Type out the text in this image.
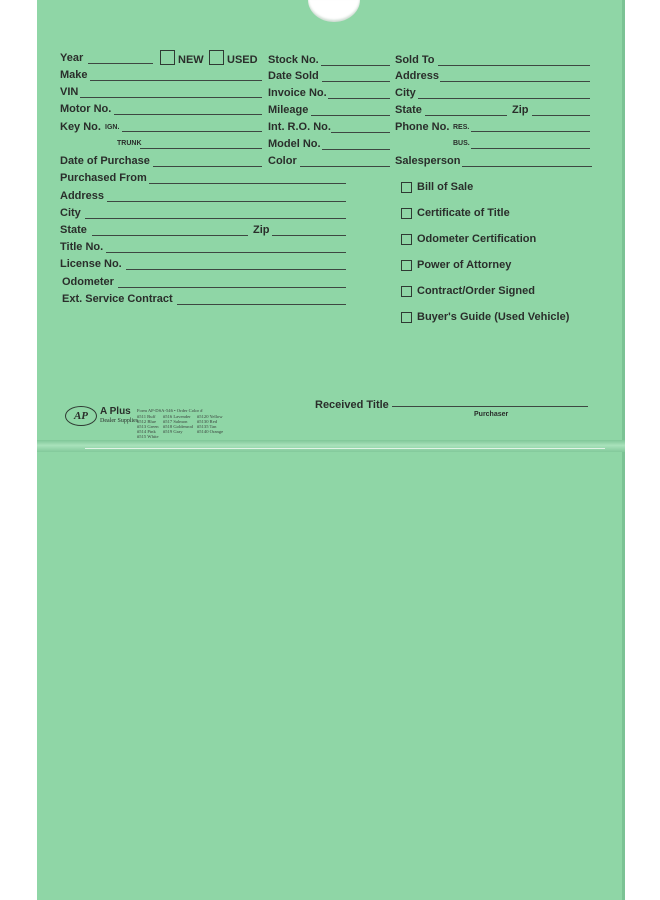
Year	NEW USED
Make
VIN
Motor No.
Key No. IGN.
TRUNK
Date of Purchase
Purchased From
Address
City
State	Zip
Title No.
License No.
Odometer
Ext. Service Contract
Stock No.
Date Sold
Invoice No.
Mileage
Int. R.O. No.
Model No.
Color
Sold To
Address
City
State	Zip
Phone No. RES.
BUS.
Salesperson
Bill of Sale
Certificate of Title
Odometer Certification
Power of Attorney
Contract/Order Signed
Buyer's Guide (Used Vehicle)
Received Title
Purchaser
AP	A Plus
Dealer Supplies
Form AP-DSA-546 • Order Color #
#511 Buff
#512 Blue
#513 Green
#514 Pink
#515 White
#516 Lavender
#517 Salmon
#518 Goldenrod
#519 Gray
#5120 Yellow
#5130 Red
#5135 Tan
#5140 Orange
